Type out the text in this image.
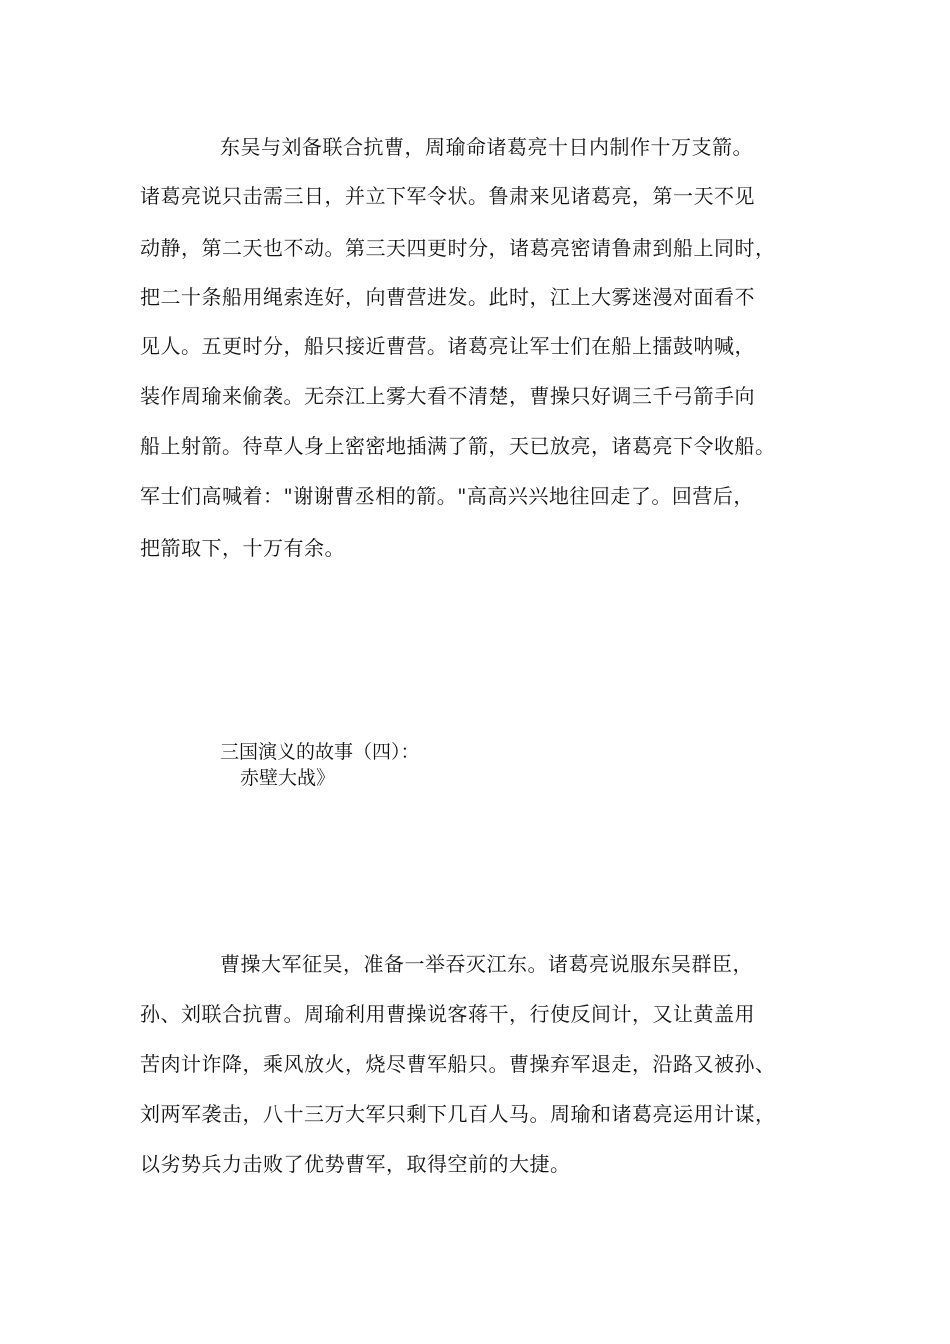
东吴与刘备联合抗曹，周瑜命诸葛亮十日内制作十万支箭。
诸葛亮说只击需三日，并立下军令状。鲁肃来见诸葛亮，第一天不见
动静，第二天也不动。第三天四更时分，诸葛亮密请鲁肃到船上同时，
把二十条船用绳索连好，向曹营进发。此时，江上大雾迷漫对面看不
见人。五更时分，船只接近曹营。诸葛亮让军士们在船上擂鼓呐喊，
装作周瑜来偷袭。无奈江上雾大看不清楚，曹操只好调三千弓箭手向
船上射箭。待草人身上密密地插满了箭，天已放亮，诸葛亮下令收船。
军士们高喊着："谢谢曹丞相的箭。"高高兴兴地往回走了。回营后，
把箭取下，十万有余。
三国演义的故事（四）：
赤壁大战》
曹操大军征吴，准备一举吞灭江东。诸葛亮说服东吴群臣，
孙、刘联合抗曹。周瑜利用曹操说客蒋干，行使反间计，又让黄盖用
苦肉计诈降，乘风放火，烧尽曹军船只。曹操弃军退走，沿路又被孙、
刘两军袭击，八十三万大军只剩下几百人马。周瑜和诸葛亮运用计谋，
以劣势兵力击败了优势曹军，取得空前的大捷。
